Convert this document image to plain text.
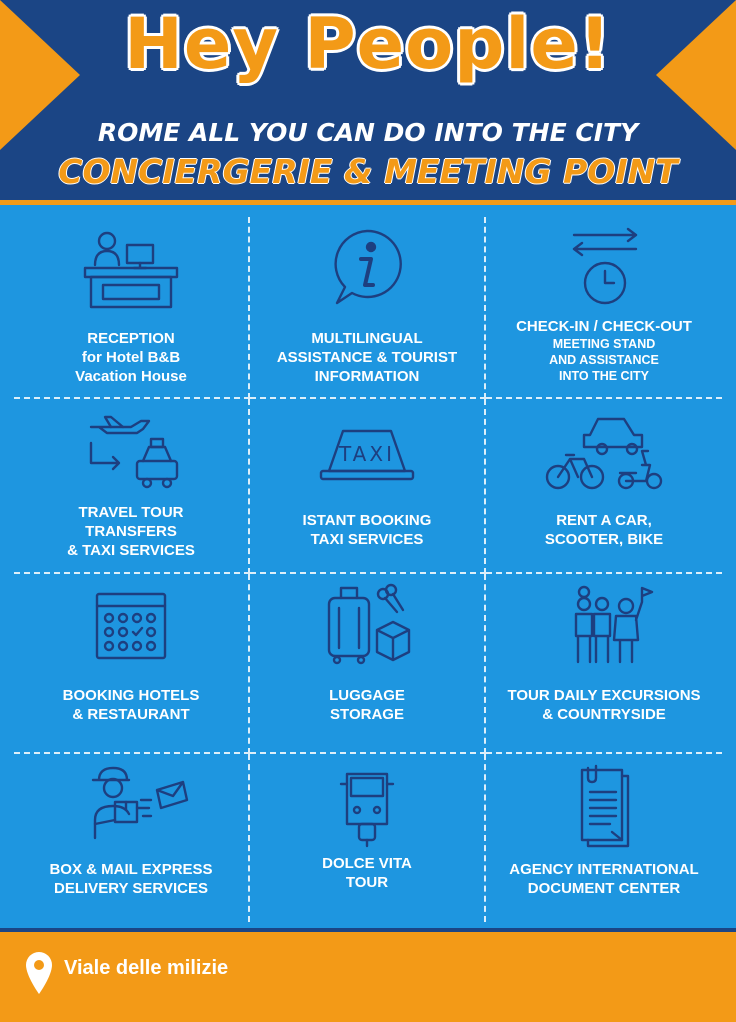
Hey People!
ROME ALL YOU CAN DO INTO THE CITY
CONCIERGERIE & MEETING POINT
RECEPTION
for Hotel B&B
Vacation House
MULTILINGUAL
ASSISTANCE & TOURIST
INFORMATION
CHECK-IN / CHECK-OUT
MEETING STAND
AND ASSISTANCE
INTO THE CITY
TRAVEL TOUR
TRANSFERS
& TAXI SERVICES
TAXI
ISTANT BOOKING
TAXI SERVICES
RENT A CAR,
SCOOTER, BIKE
BOOKING HOTELS
& RESTAURANT
LUGGAGE
STORAGE
TOUR DAILY EXCURSIONS
& COUNTRYSIDE
BOX & MAIL EXPRESS
DELIVERY SERVICES
DOLCE VITA
TOUR
AGENCY INTERNATIONAL
DOCUMENT CENTER
Viale delle milizie
